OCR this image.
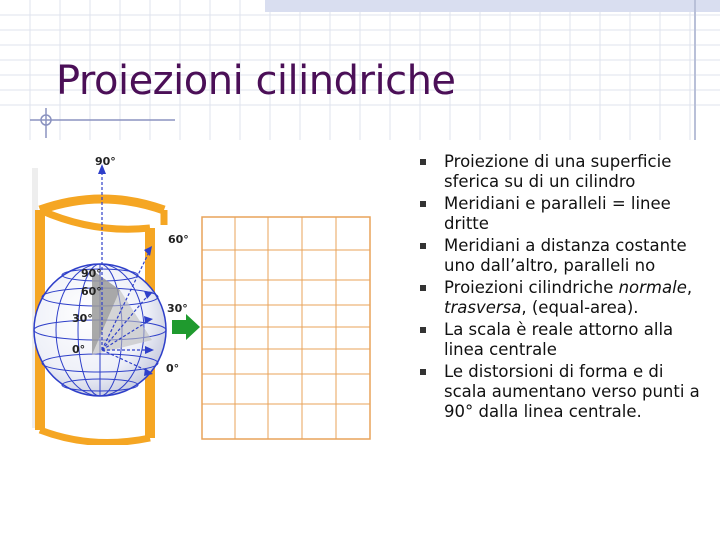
Proiezioni cilindriche
90°
60°
90°
60°
30°
30°
0°
0°
Proiezione di una superficie sferica su di un cilindro
Meridiani e paralleli = linee dritte
Meridiani a distanza costante uno dall’altro, paralleli no
Proiezioni cilindriche normale, trasversa, (equal-area).
La scala è reale attorno alla linea centrale
Le distorsioni di forma e di scala aumentano verso punti a 90° dalla linea centrale.
